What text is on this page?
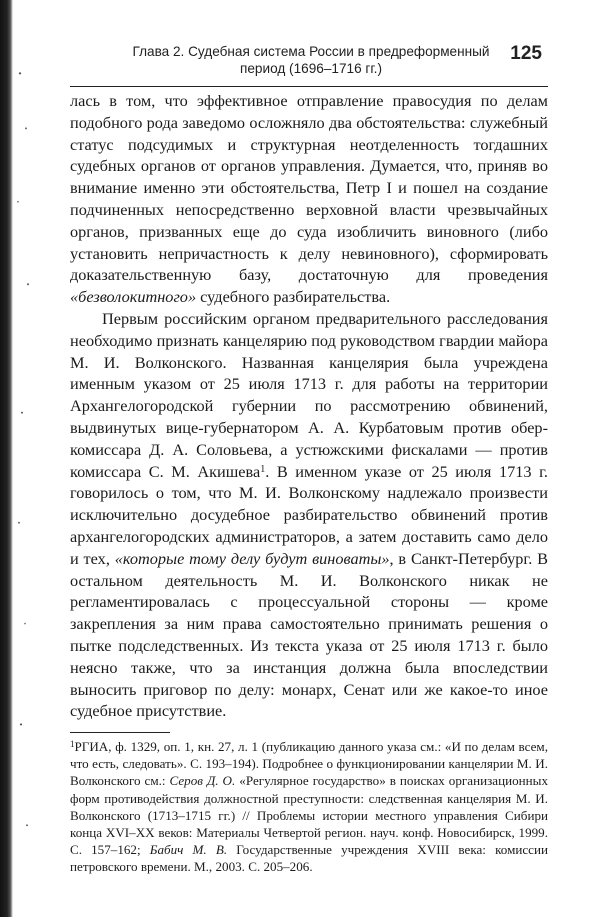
Глава 2. Судебная система России в предреформенный
период (1696–1716 гг.)
125

лась в том, что эффективное отправление правосудия по делам подобного рода заведомо осложняло два обстоятельства: служебный статус подсудимых и структурная неотделенность тогдашних судебных органов от органов управления. Думается, что, приняв во внимание именно эти обстоятельства, Петр I и пошел на создание подчиненных непосредственно верховной власти чрезвычайных органов, призванных еще до суда изобличить виновного (либо установить непричастность к делу невиновного), сформировать доказательственную базу, достаточную для проведения «безволокитного» судебного разбирательства.

Первым российским органом предварительного расследования необходимо признать канцелярию под руководством гвардии майора М. И. Волконского. Названная канцелярия была учреждена именным указом от 25 июля 1713 г. для работы на территории Архангелогородской губернии по рассмотрению обвинений, выдвинутых вице-губернатором А. А. Курбатовым против обер-комиссара Д. А. Соловьева, а устюжскими фискалами — против комиссара С. М. Акишева$^1$. В именном указе от 25 июля 1713 г. говорилось о том, что М. И. Волконскому надлежало произвести исключительно досудебное разбирательство обвинений против архангелогородских администраторов, а затем доставить само дело и тех, «которые тому делу будут виноваты», в Санкт-Петербург. В остальном деятельность М. И. Волконского никак не регламентировалась с процессуальной стороны — кроме закрепления за ним права самостоятельно принимать решения о пытке подследственных. Из текста указа от 25 июля 1713 г. было неясно также, что за инстанция должна была впоследствии выносить приговор по делу: монарх, Сенат или же какое-то иное судебное присутствие.

$^1$РГИА, ф. 1329, оп. 1, кн. 27, л. 1 (публикацию данного указа см.: «И по делам всем, что есть, следовать». С. 193–194). Подробнее о функционировании канцелярии М. И. Волконского см.: Серов Д. О. «Регулярное государство» в поисках организационных форм противодействия должностной преступности: следственная канцелярия М. И. Волконского (1713–1715 гг.) // Проблемы истории местного управления Сибири конца XVI–XX веков: Материалы Четвертой регион. науч. конф. Новосибирск, 1999. С. 157–162; Бабич М. В. Государственные учреждения XVIII века: комиссии петровского времени. М., 2003. С. 205–206.
